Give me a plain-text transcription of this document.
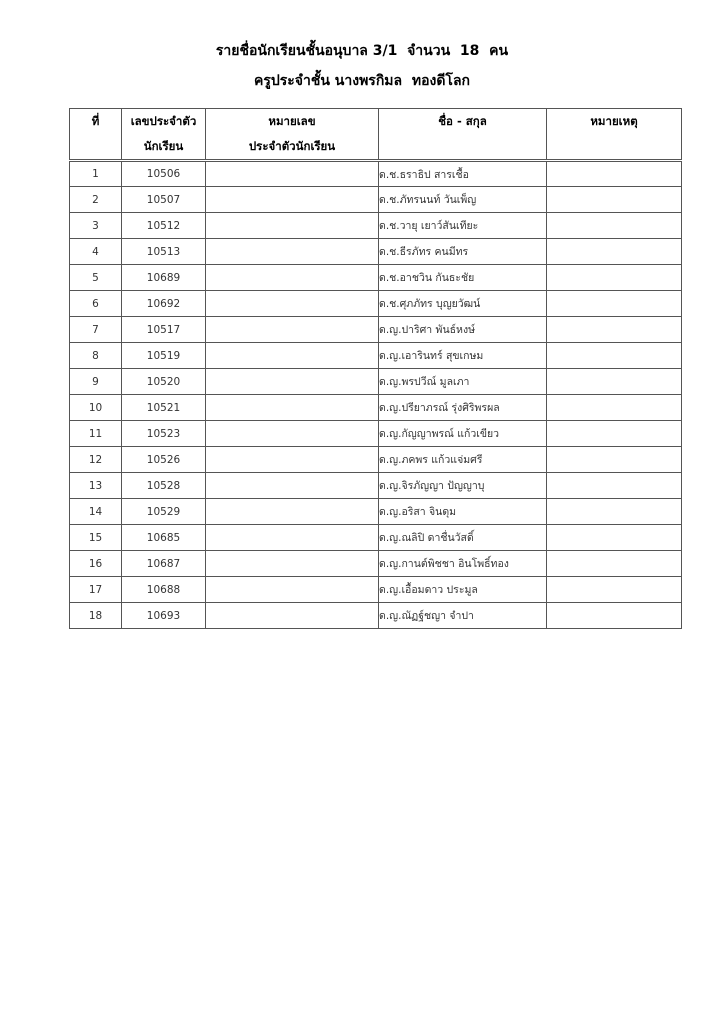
รายชื่อนักเรียนชั้นอนุบาล 3/1  จำนวน  18  คน
ครูประจำชั้น นางพรกิมล  ทองดีโลก
ที่	เลขประจำตัว	หมายเลข	ชื่อ - สกุล	หมายเหตุ
	นักเรียน	ประจำตัวนักเรียน		
1	10506		ด.ช.ธราธิป สารเชื้อ	
2	10507		ด.ช.ภัทรนนท์ วันเพ็ญ	
3	10512		ด.ช.วายุ เยาว์สันเทียะ	
4	10513		ด.ช.ธีรภัทร คนมีทร	
5	10689		ด.ช.อาชวิน กันธะชัย	
6	10692		ด.ช.ศุภภัทร บุญยวัฒน์	
7	10517		ด.ญ.ปาริศา พันธ์หงษ์	
8	10519		ด.ญ.เอารินทร์ สุขเกษม	
9	10520		ด.ญ.พรปวีณ์ มูลเภา	
10	10521		ด.ญ.ปรียาภรณ์ รุ่งศิริพรผล	
11	10523		ด.ญ.กัญญาพรณ์ แก้วเขียว	
12	10526		ด.ญ.ภคพร แก้วแจ่มศรี	
13	10528		ด.ญ.จิรภัญญา ปัญญาบุ	
14	10529		ด.ญ.อริสา จินดุม	
15	10685		ด.ญ.ณลิปิ ดาชื่นวัสดิ์	
16	10687		ด.ญ.กานต์พิชชา อินโพธิ์ทอง	
17	10688		ด.ญ.เอื้อมดาว ประมูล	
18	10693		ด.ญ.ณัฏฐ์ชญา จำปา	
